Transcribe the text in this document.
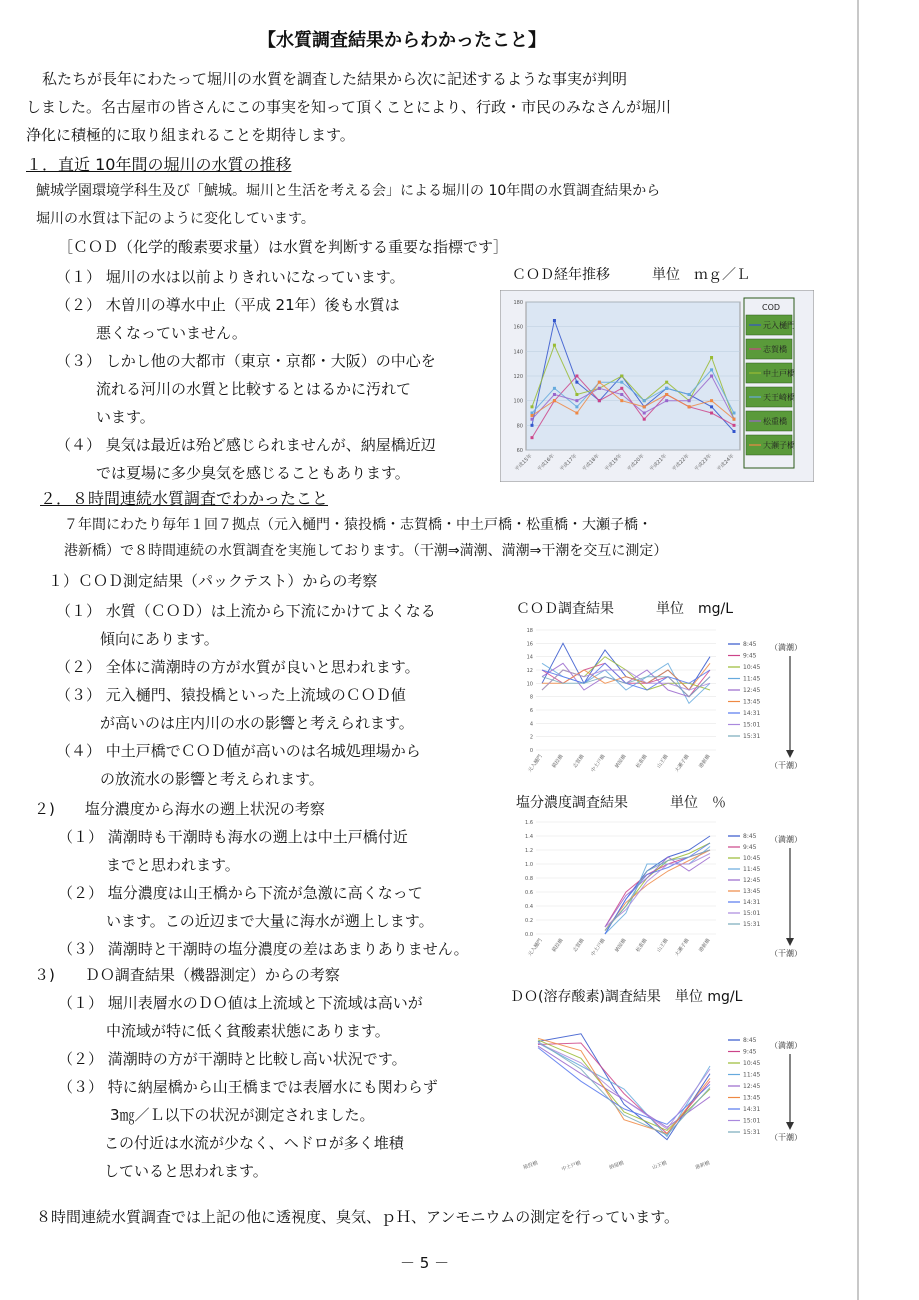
【水質調査結果からわかったこと】
私たちが長年にわたって堀川の水質を調査した結果から次に記述するような事実が判明
しました。名古屋市の皆さんにこの事実を知って頂くことにより、行政・市民のみなさんが堀川
浄化に積極的に取り組まれることを期待します。
１．直近 10年間の堀川の水質の推移
鯱城学園環境学科生及び「鯱城。堀川と生活を考える会」による堀川の 10年間の水質調査結果から
堀川の水質は下記のように変化しています。
［ＣＯＤ（化学的酸素要求量）は水質を判断する重要な指標です］
（１） 堀川の水は以前よりきれいになっています。
（２） 木曽川の導水中止（平成 21年）後も水質は
悪くなっていません。
（３） しかし他の大都市（東京・京都・大阪）の中心を
流れる河川の水質と比較するとはるかに汚れて
います。
（４） 臭気は最近は殆ど感じられませんが、納屋橋近辺
では夏場に多少臭気を感じることもあります。
ＣＯＤ経年推移　　　単位　ｍｇ／Ｌ
60
80
100
120
140
160
180
平成15年 平成16年 平成17年 平成18年 平成19年 平成20年 平成21年 平成22年 平成23年 平成24年
元入樋門
志賀橋
中土戸橋
天王崎橋
松重橋
大瀬子橋
COD
２．８時間連続水質調査でわかったこと
７年間にわたり毎年１回７拠点（元入樋門・猿投橋・志賀橋・中土戸橋・松重橋・大瀬子橋・
港新橋）で８時間連続の水質調査を実施しております。（干潮⇒満潮、満潮⇒干潮を交互に測定）
１）ＣＯＤ測定結果（パックテスト）からの考察
（１） 水質（ＣＯＤ）は上流から下流にかけてよくなる
傾向にあります。
（２） 全体に満潮時の方が水質が良いと思われます。
（３） 元入樋門、猿投橋といった上流域のＣＯＤ値
が高いのは庄内川の水の影響と考えられます。
（４） 中土戸橋でＣＯＤ値が高いのは名城処理場から
の放流水の影響と考えられます。
ＣＯＤ調査結果　　　単位　mg/L
0
2
4
6
8
10
12
14
16
18
元入樋門 猿投橋 志賀橋 中土戸橋 納屋橋 松重橋 山王橋 大瀬子橋 港新橋
8:45
9:45
10:45
11:45
12:45
13:45
14:31
15:01
15:31
（満潮）
（干潮）
２)　　塩分濃度から海水の遡上状況の考察
（１） 満潮時も干潮時も海水の遡上は中土戸橋付近
までと思われます。
（２） 塩分濃度は山王橋から下流が急激に高くなって
います。この近辺まで大量に海水が遡上します。
（３） 満潮時と干潮時の塩分濃度の差はあまりありません。
塩分濃度調査結果　　　単位　％
0.0
0.2
0.4
0.6
0.8
1.0
1.2
1.4
1.6
元入樋門 猿投橋 志賀橋 中土戸橋 納屋橋 松重橋 山王橋 大瀬子橋 港新橋
8:45
9:45
10:45
11:45
12:45
13:45
14:31
15:01
15:31
（満潮）
（干潮）
３)　　ＤＯ調査結果（機器測定）からの考察
（１） 堀川表層水のＤＯ値は上流域と下流域は高いが
中流域が特に低く貧酸素状態にあります。
（２） 満潮時の方が干潮時と比較し高い状況です。
（３） 特に納屋橋から山王橋までは表層水にも関わらず
3㎎／Ｌ以下の状況が測定されました。
この付近は水流が少なく、ヘドロが多く堆積
していると思われます。
ＤＯ(溶存酸素)調査結果　単位 mg/L
猿投橋	中土戸橋	納屋橋	山王橋	港新橋
8:45
9:45
10:45
11:45
12:45
13:45
14:31
15:01
15:31
（満潮）
（干潮）
８時間連続水質調査では上記の他に透視度、臭気、ｐＨ、アンモニウムの測定を行っています。
－ 5 －
